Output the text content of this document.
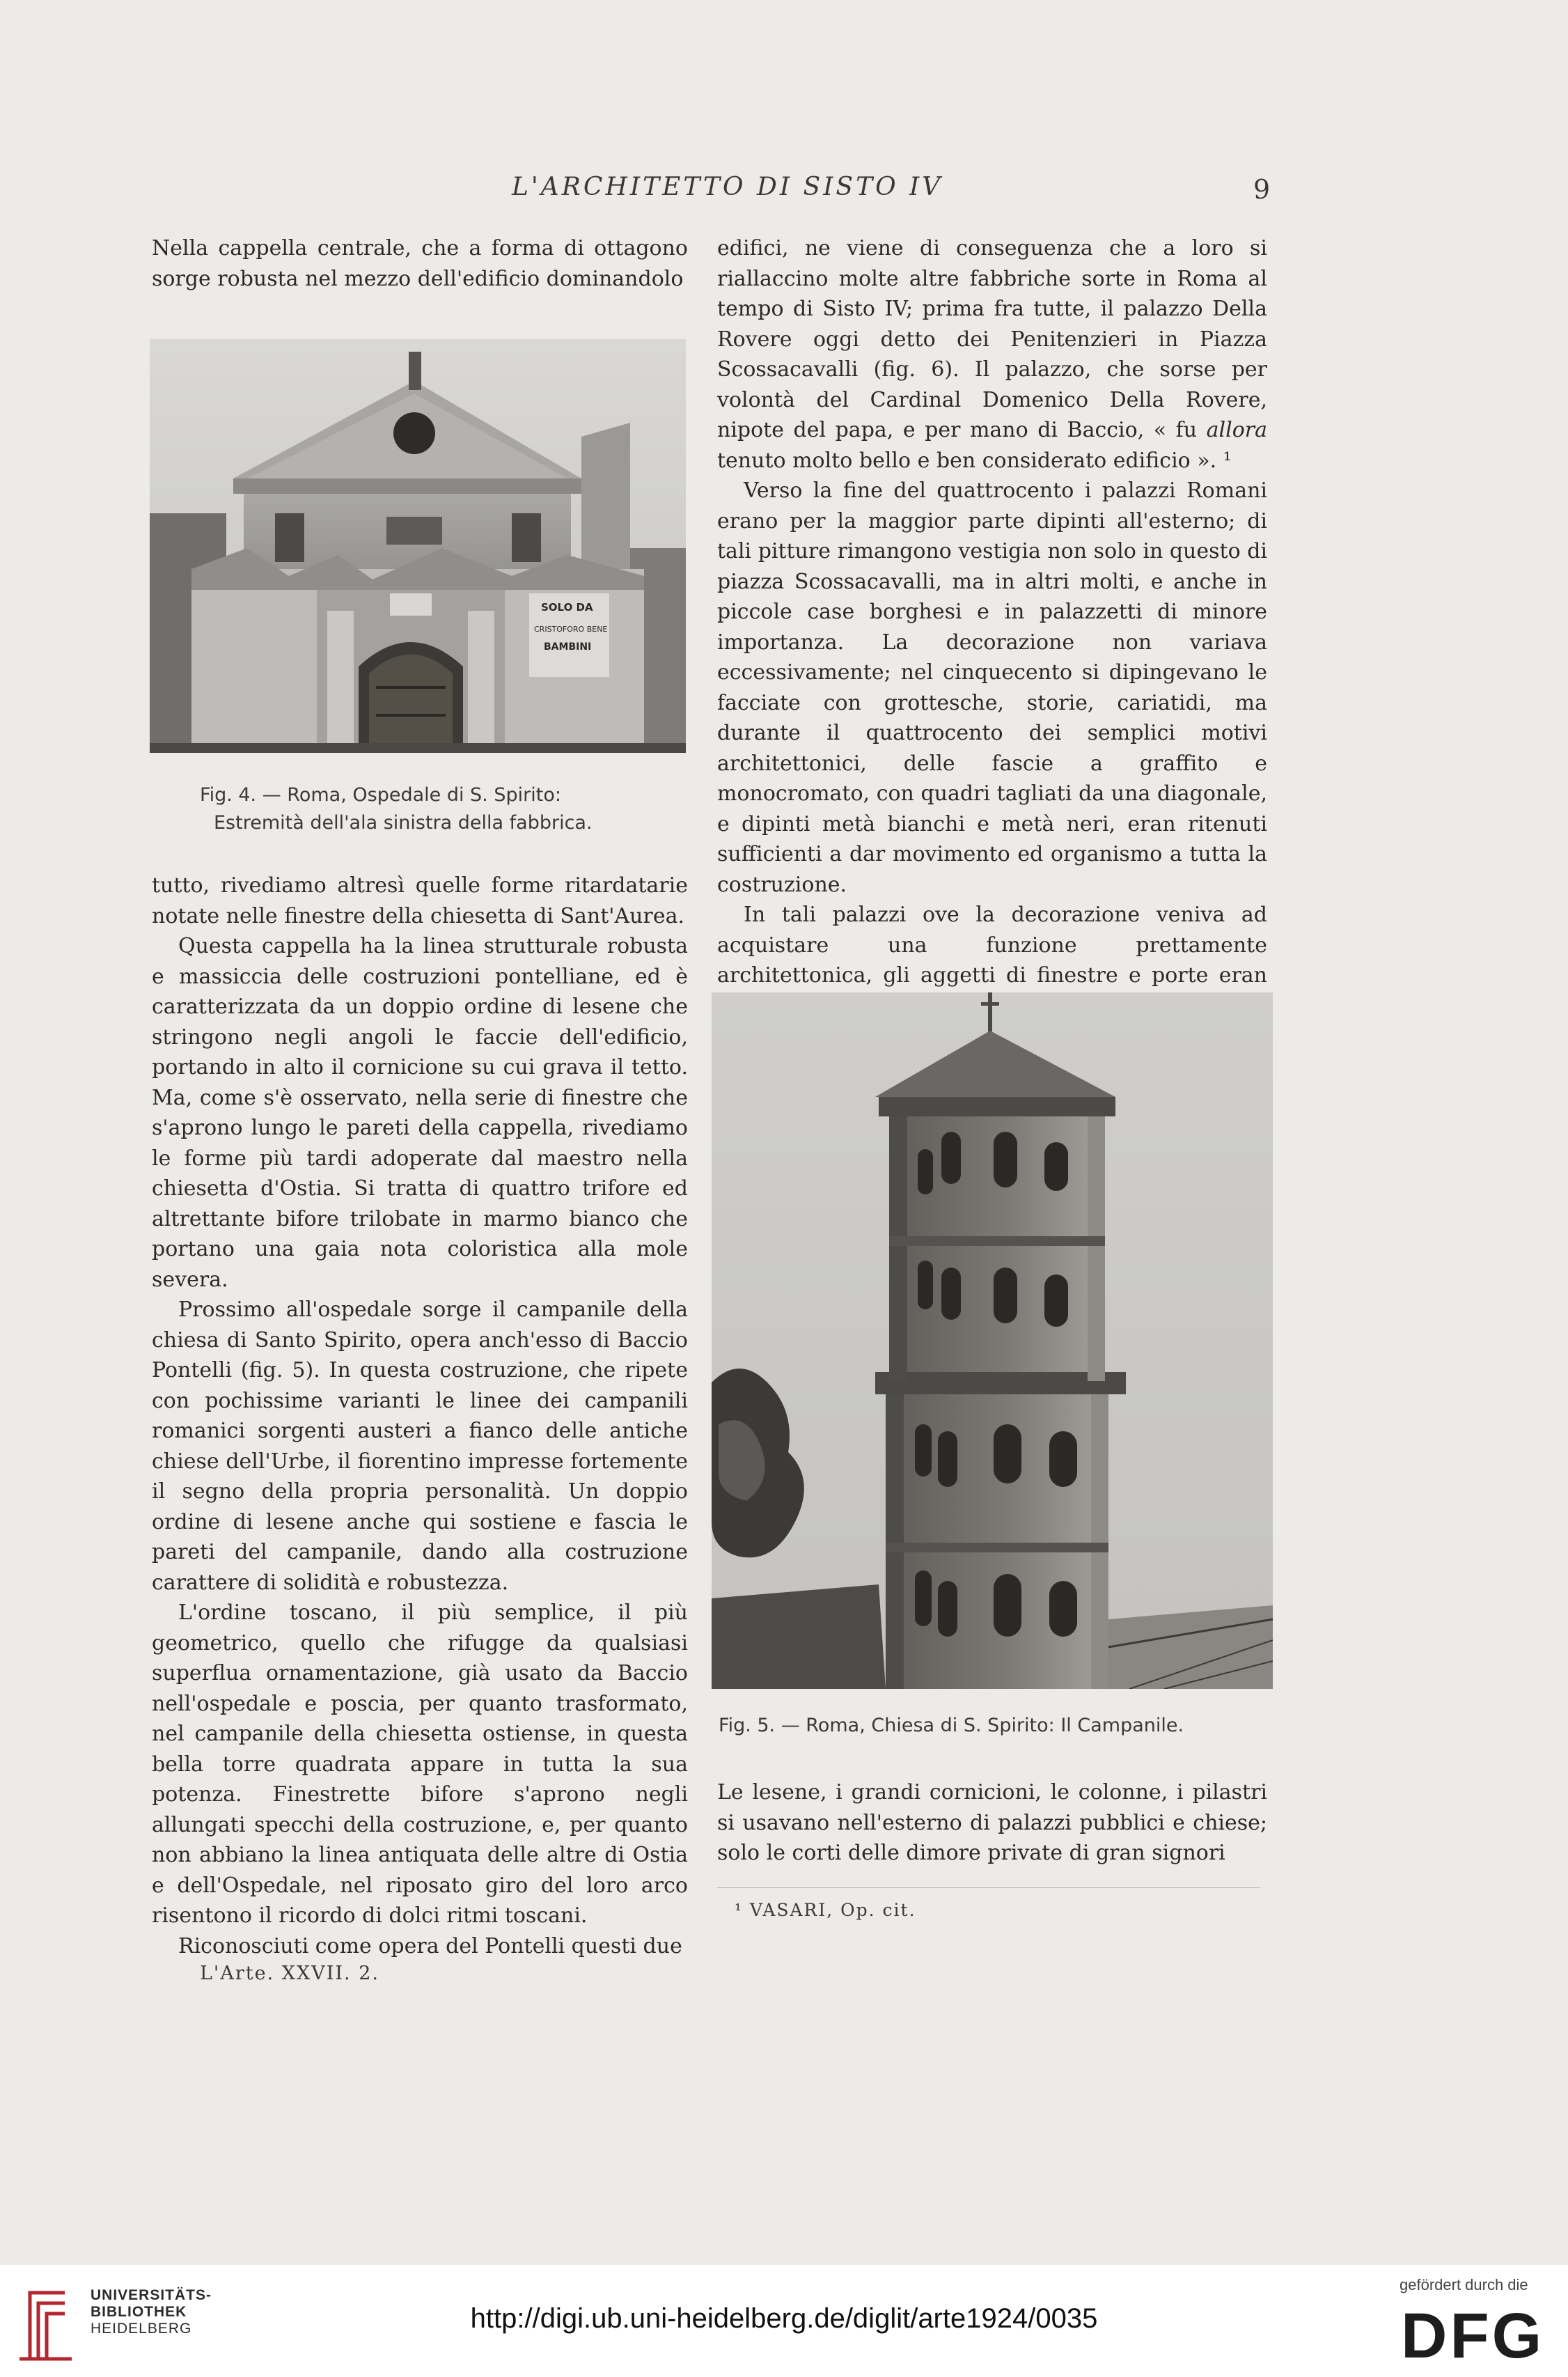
L'ARCHITETTO DI SISTO IV	9

Nella cappella centrale, che a forma di ottagono sorge robusta nel mezzo dell'edificio dominandolo

SOLO DA
CRISTOFORO BENE
BAMBINI
Fig. 4. — Roma, Ospedale di S. Spirito:
Estremità dell'ala sinistra della fabbrica.

tutto, rivediamo altresì quelle forme ritardatarie notate nelle finestre della chiesetta di Sant'Aurea.

Questa cappella ha la linea strutturale robusta e massiccia delle costruzioni pontelliane, ed è caratterizzata da un doppio ordine di lesene che stringono negli angoli le faccie dell'edificio, portando in alto il cornicione su cui grava il tetto. Ma, come s'è osservato, nella serie di finestre che s'aprono lungo le pareti della cappella, rivediamo le forme più tardi adoperate dal maestro nella chiesetta d'Ostia. Si tratta di quattro trifore ed altrettante bifore trilobate in marmo bianco che portano una gaia nota coloristica alla mole severa.

Prossimo all'ospedale sorge il campanile della chiesa di Santo Spirito, opera anch'esso di Baccio Pontelli (fig. 5). In questa costruzione, che ripete con pochissime varianti le linee dei campanili romanici sorgenti austeri a fianco delle antiche chiese dell'Urbe, il fiorentino impresse fortemente il segno della propria personalità. Un doppio ordine di lesene anche qui sostiene e fascia le pareti del campanile, dando alla costruzione carattere di solidità e robustezza.

L'ordine toscano, il più semplice, il più geometrico, quello che rifugge da qualsiasi superflua ornamentazione, già usato da Baccio nell'ospedale e poscia, per quanto trasformato, nel campanile della chiesetta ostiense, in questa bella torre quadrata appare in tutta la sua potenza. Finestrette bifore s'aprono negli allungati specchi della costruzione, e, per quanto non abbiano la linea antiquata delle altre di Ostia e dell'Ospedale, nel riposato giro del loro arco risentono il ricordo di dolci ritmi toscani.

Riconosciuti come opera del Pontelli questi due

edifici, ne viene di conseguenza che a loro si riallaccino molte altre fabbriche sorte in Roma al tempo di Sisto IV; prima fra tutte, il palazzo Della Rovere oggi detto dei Penitenzieri in Piazza Scossacavalli (fig. 6). Il palazzo, che sorse per volontà del Cardinal Domenico Della Rovere, nipote del papa, e per mano di Baccio, « fu allora tenuto molto bello e ben considerato edificio ». ¹

Verso la fine del quattrocento i palazzi Romani erano per la maggior parte dipinti all'esterno; di tali pitture rimangono vestigia non solo in questo di piazza Scossacavalli, ma in altri molti, e anche in piccole case borghesi e in palazzetti di minore importanza. La decorazione non variava eccessivamente; nel cinquecento si dipingevano le facciate con grottesche, storie, cariatidi, ma durante il quattrocento dei semplici motivi architettonici, delle fascie a graffito e monocromato, con quadri tagliati da una diagonale, e dipinti metà bianchi e metà neri, eran ritenuti sufficienti a dar movimento ed organismo a tutta la costruzione.

In tali palazzi ove la decorazione veniva ad acquistare una funzione prettamente architettonica, gli aggetti di finestre e porte eran

Fig. 5. — Roma, Chiesa di S. Spirito: Il Campanile.

Le lesene, i grandi cornicioni, le colonne, i pilastri si usavano nell'esterno di palazzi pubblici e chiese; solo le corti delle dimore private di gran signori

¹ VASARI, Op. cit.
L'Arte. XXVII. 2.
UNIVERSITÄTS-
BIBLIOTHEK
HEIDELBERG	http://digi.ub.uni-heidelberg.de/diglit/arte1924/0035
gefördert durch die
DFG
